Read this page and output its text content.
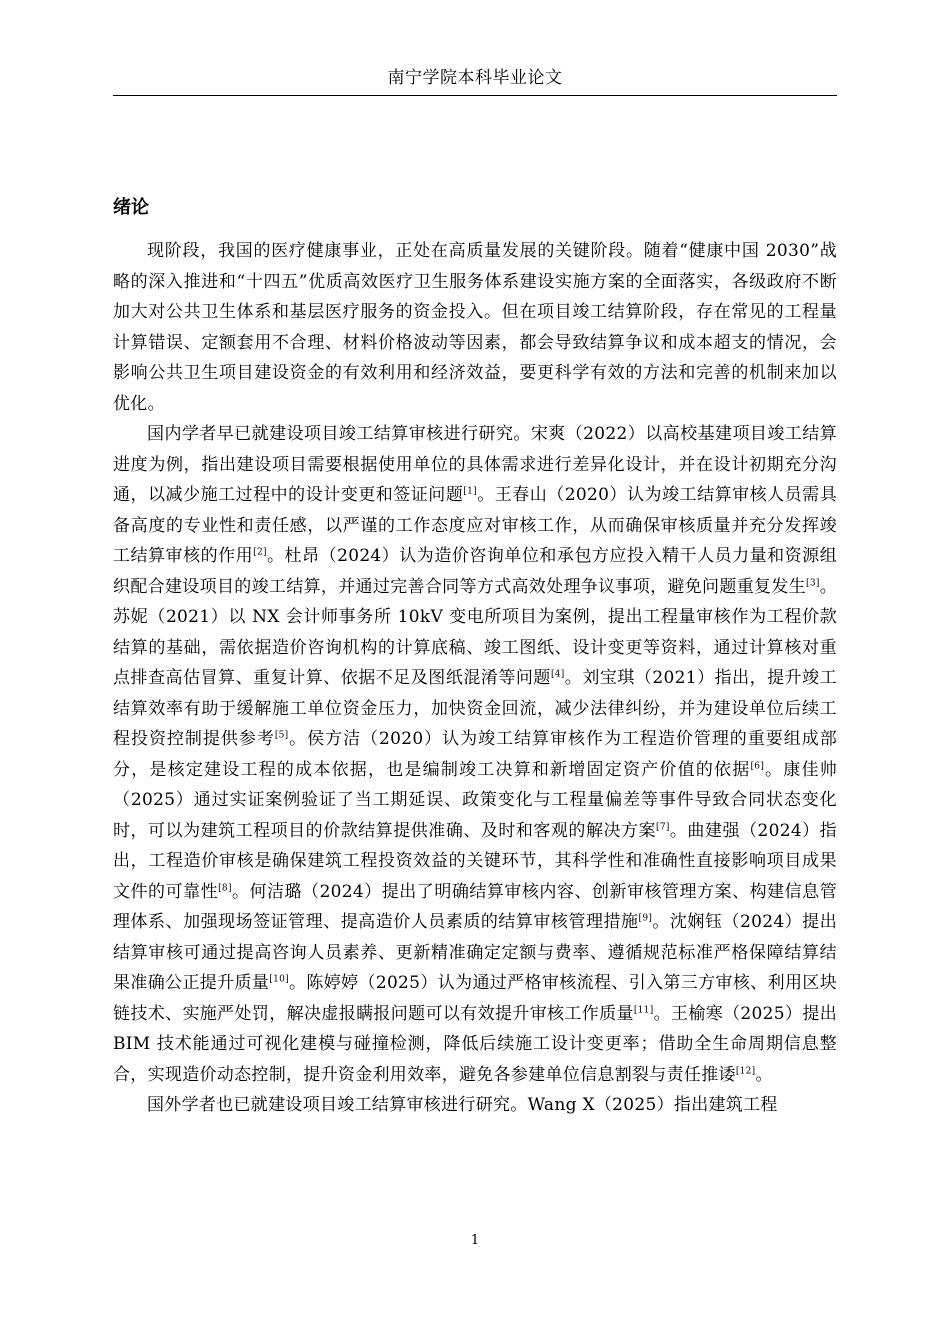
南宁学院本科毕业论文
绪论

现阶段，我国的医疗健康事业，正处在高质量发展的关键阶段。随着“健康中国 2030”战略的深入推进和“十四五”优质高效医疗卫生服务体系建设实施方案的全面落实，各级政府不断加大对公共卫生体系和基层医疗服务的资金投入。但在项目竣工结算阶段，存在常见的工程量计算错误、定额套用不合理、材料价格波动等因素，都会导致结算争议和成本超支的情况，会影响公共卫生项目建设资金的有效利用和经济效益，要更科学有效的方法和完善的机制来加以优化。

国内学者早已就建设项目竣工结算审核进行研究。宋爽（2022）以高校基建项目竣工结算进度为例，指出建设项目需要根据使用单位的具体需求进行差异化设计，并在设计初期充分沟通，以减少施工过程中的设计变更和签证问题[1]。王春山（2020）认为竣工结算审核人员需具备高度的专业性和责任感，以严谨的工作态度应对审核工作，从而确保审核质量并充分发挥竣工结算审核的作用[2]。杜昂（2024）认为造价咨询单位和承包方应投入精干人员力量和资源组织配合建设项目的竣工结算，并通过完善合同等方式高效处理争议事项，避免问题重复发生[3]。苏妮（2021）以 NX 会计师事务所 10kV 变电所项目为案例，提出工程量审核作为工程价款结算的基础，需依据造价咨询机构的计算底稿、竣工图纸、设计变更等资料，通过计算核对重点排查高估冒算、重复计算、依据不足及图纸混淆等问题[4]。刘宝琪（2021）指出，提升竣工结算效率有助于缓解施工单位资金压力，加快资金回流，减少法律纠纷，并为建设单位后续工程投资控制提供参考[5]。侯方洁（2020）认为竣工结算审核作为工程造价管理的重要组成部分，是核定建设工程的成本依据，也是编制竣工决算和新增固定资产价值的依据[6]。康佳帅（2025）通过实证案例验证了当工期延误、政策变化与工程量偏差等事件导致合同状态变化时，可以为建筑工程项目的价款结算提供准确、及时和客观的解决方案[7]。曲建强（2024）指出，工程造价审核是确保建筑工程投资效益的关键环节，其科学性和准确性直接影响项目成果文件的可靠性[8]。何洁璐（2024）提出了明确结算审核内容、创新审核管理方案、构建信息管理体系、加强现场签证管理、提高造价人员素质的结算审核管理措施[9]。沈娴钰（2024）提出结算审核可通过提高咨询人员素养、更新精准确定定额与费率、遵循规范标准严格保障结算结果准确公正提升质量[10]。陈婷婷（2025）认为通过严格审核流程、引入第三方审核、利用区块链技术、实施严处罚，解决虚报瞒报问题可以有效提升审核工作质量[11]。王榆寒（2025）提出 BIM 技术能通过可视化建模与碰撞检测，降低后续施工设计变更率；借助全生命周期信息整合，实现造价动态控制，提升资金利用效率，避免各参建单位信息割裂与责任推诿[12]。

国外学者也已就建设项目竣工结算审核进行研究。Wang X（2025）指出建筑工程

1
